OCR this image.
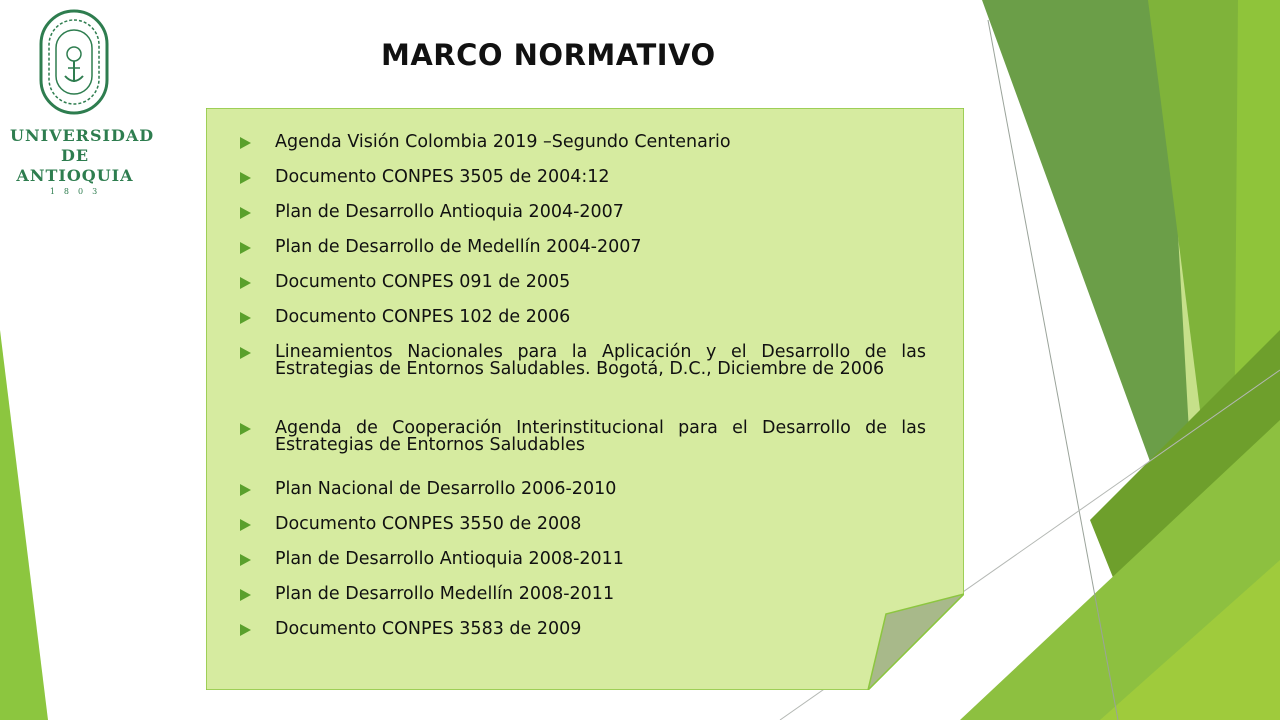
UNIVERSIDAD
DE ANTIOQUIA
1803
MARCO NORMATIVO
Agenda Visión Colombia 2019 –Segundo Centenario
Documento CONPES 3505 de 2004:12
Plan de Desarrollo Antioquia 2004-2007
Plan de Desarrollo de Medellín 2004-2007
Documento CONPES 091 de 2005
Documento CONPES 102 de 2006
Lineamientos Nacionales para la Aplicación y el Desarrollo de las Estrategias de Entornos Saludables. Bogotá, D.C., Diciembre de 2006
Agenda de Cooperación Interinstitucional para el Desarrollo de las Estrategias de Entornos Saludables
Plan Nacional de Desarrollo 2006-2010
Documento CONPES 3550 de 2008
Plan de Desarrollo Antioquia 2008-2011
Plan de Desarrollo Medellín 2008-2011
Documento CONPES 3583 de 2009
